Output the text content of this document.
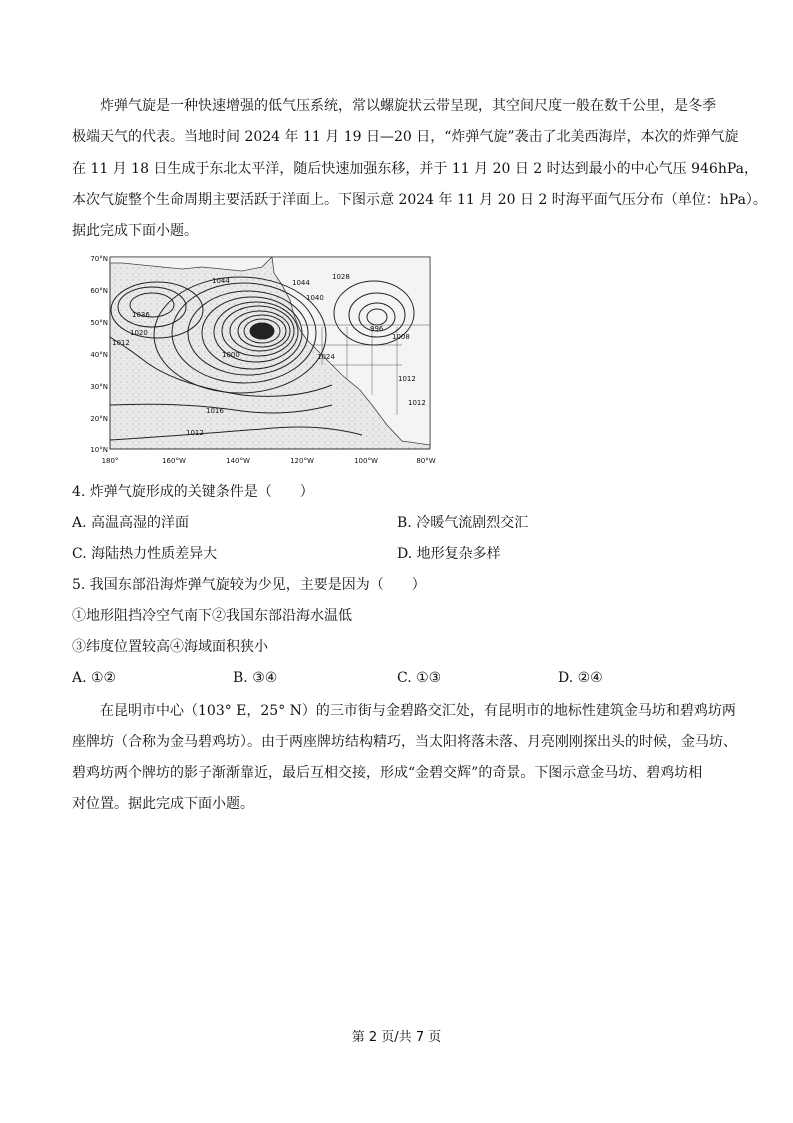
炸弹气旋是一种快速增强的低气压系统，常以螺旋状云带呈现，其空间尺度一般在数千公里，是冬季
极端天气的代表。当地时间 2024 年 11 月 19 日—20 日，“炸弹气旋”袭击了北美西海岸，本次的炸弹气旋
在 11 月 18 日生成于东北太平洋，随后快速加强东移，并于 11 月 20 日 2 时达到最小的中心气压 946hPa，
本次气旋整个生命周期主要活跃于洋面上。下图示意 2024 年 11 月 20 日 2 时海平面气压分布（单位：hPa）。
据此完成下面小题。
1036
1044	1044
1040
1028
1012
1020
1000
1008
996
1016
1012
1024
1012
1012
70°N
60°N
50°N
40°N
30°N
20°N
10°N
180°	160°W	140°W	120°W	100°W	80°W
4. 炸弹气旋形成的关键条件是（　　）
A. 高温高湿的洋面	B. 冷暖气流剧烈交汇
C. 海陆热力性质差异大	D. 地形复杂多样
5. 我国东部沿海炸弹气旋较为少见，主要是因为（　　）
①地形阻挡冷空气南下②我国东部沿海水温低
③纬度位置较高④海域面积狭小
A. ①②	B. ③④	C. ①③	D. ②④
在昆明市中心（103° E，25° N）的三市街与金碧路交汇处，有昆明市的地标性建筑金马坊和碧鸡坊两
座牌坊（合称为金马碧鸡坊）。由于两座牌坊结构精巧，当太阳将落未落、月亮刚刚探出头的时候，金马坊、
碧鸡坊两个牌坊的影子渐渐靠近，最后互相交接，形成“金碧交辉”的奇景。下图示意金马坊、碧鸡坊相
对位置。据此完成下面小题。
第 2 页/共 7 页
